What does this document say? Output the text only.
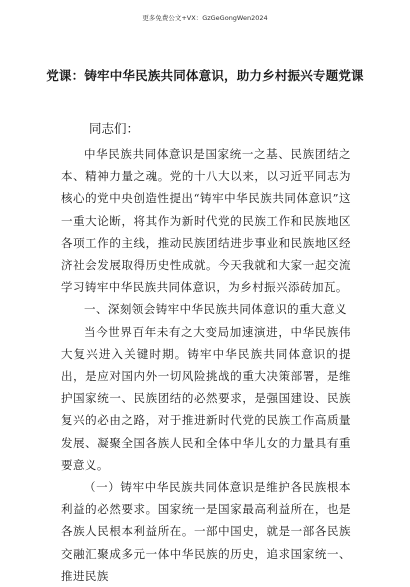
更多免费公文+VX：GzGeGongWen2024
党课：铸牢中华民族共同体意识，助力乡村振兴专题党课
同志们：

中华民族共同体意识是国家统一之基、民族团结之本、精神力量之魂。党的十八大以来，以习近平同志为核心的党中央创造性提出“铸牢中华民族共同体意识”这一重大论断，将其作为新时代党的民族工作和民族地区各项工作的主线，推动民族团结进步事业和民族地区经济社会发展取得历史性成就。今天我就和大家一起交流学习铸牢中华民族共同体意识，为乡村振兴添砖加瓦。

一、深刻领会铸牢中华民族共同体意识的重大意义

当今世界百年未有之大变局加速演进，中华民族伟大复兴进入关键时期。铸牢中华民族共同体意识的提出，是应对国内外一切风险挑战的重大决策部署，是维护国家统一、民族团结的必然要求，是强国建设、民族复兴的必由之路，对于推进新时代党的民族工作高质量发展、凝聚全国各族人民和全体中华儿女的力量具有重要意义。

（一）铸牢中华民族共同体意识是维护各民族根本利益的必然要求。国家统一是国家最高利益所在，也是各族人民根本利益所在。一部中国史，就是一部各民族交融汇聚成多元一体中华民族的历史，追求国家统一、推进民族
